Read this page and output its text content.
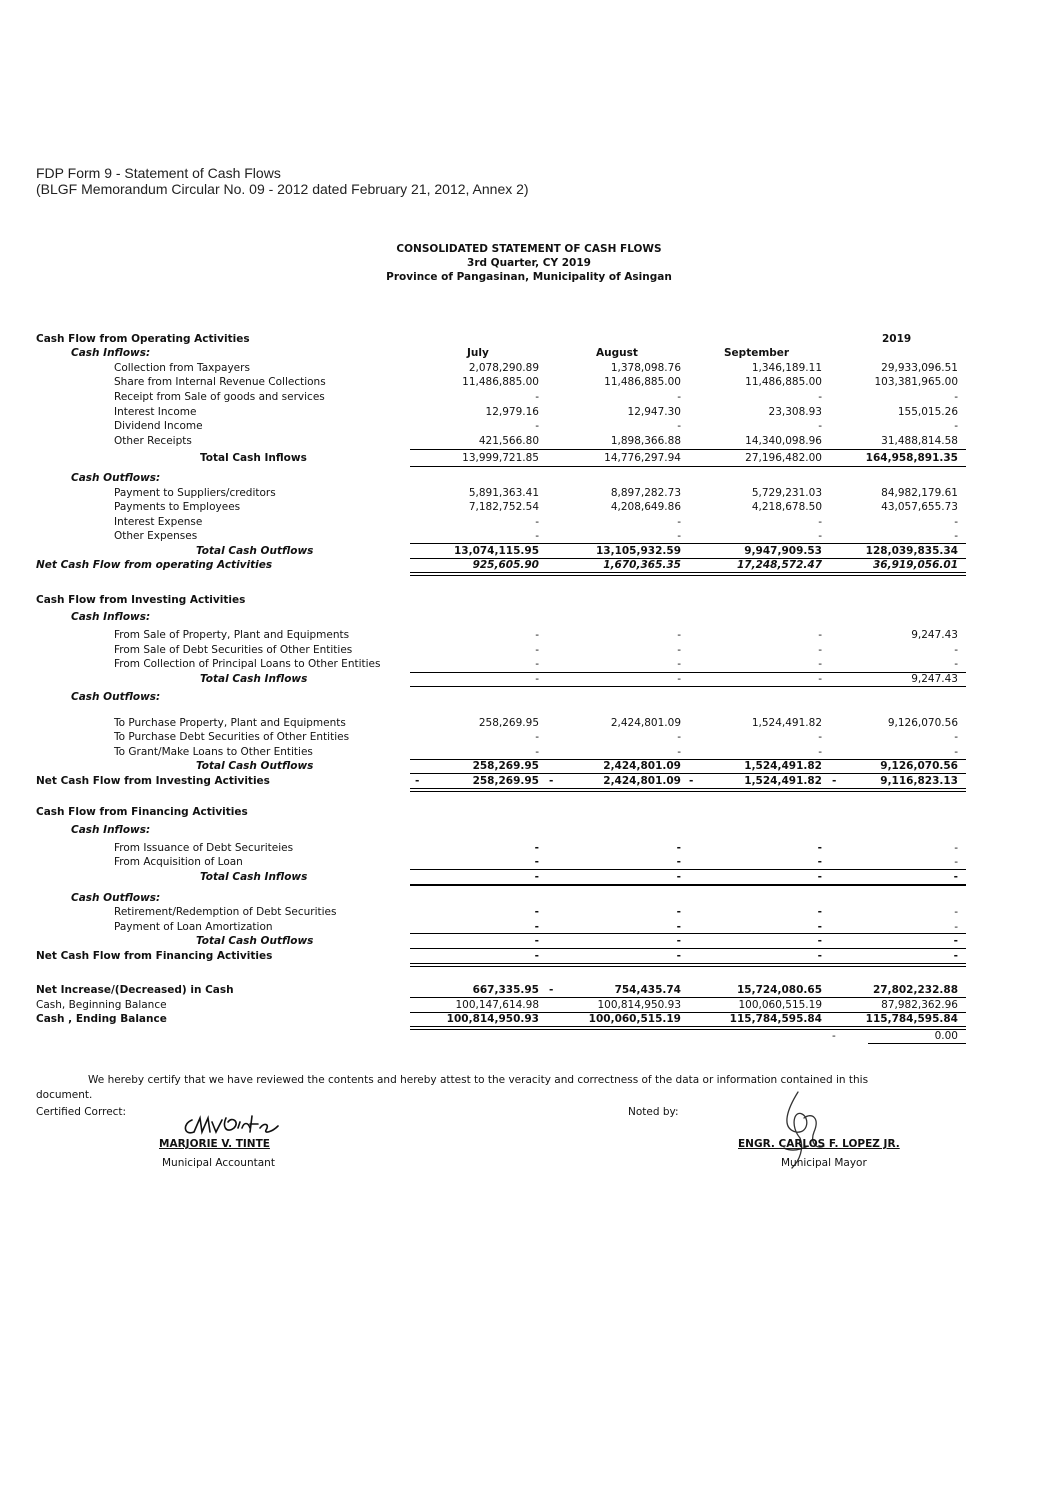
FDP Form 9 - Statement of Cash Flows
(BLGF Memorandum Circular No. 09 - 2012 dated February 21, 2012, Annex 2)
CONSOLIDATED STATEMENT OF CASH FLOWS
3rd Quarter, CY 2019
Province of Pangasinan, Municipality of Asingan
Cash Flow from Operating Activities	2019
Cash Inflows:	July	August	September
Collection from Taxpayers	2,078,290.89	1,378,098.76	1,346,189.11	29,933,096.51
Share from Internal Revenue Collections	11,486,885.00	11,486,885.00	11,486,885.00	103,381,965.00
Receipt from Sale of goods and services	-	-	-	-
Interest Income	12,979.16	12,947.30	23,308.93	155,015.26
Dividend Income	-	-	-	-
Other Receipts	421,566.80	1,898,366.88	14,340,098.96	31,488,814.58
Total Cash Inflows	13,999,721.85	14,776,297.94	27,196,482.00	164,958,891.35
Cash Outflows:
Payment to Suppliers/creditors	5,891,363.41	8,897,282.73	5,729,231.03	84,982,179.61
Payments to Employees	7,182,752.54	4,208,649.86	4,218,678.50	43,057,655.73
Interest Expense	-	-	-	-
Other Expenses	-	-	-	-
Total Cash Outflows	13,074,115.95	13,105,932.59	9,947,909.53	128,039,835.34
Net Cash Flow from operating Activities	925,605.90	1,670,365.35	17,248,572.47	36,919,056.01
Cash Flow from Investing Activities
Cash Inflows:
From Sale of Property, Plant and Equipments	-	-	-	9,247.43
From Sale of Debt Securities of Other Entities	-	-	-	-
From Collection of Principal Loans to Other Entities	-	-	-	-
Total Cash Inflows	-	-	-	9,247.43
Cash Outflows:
To Purchase Property, Plant and Equipments	258,269.95	2,424,801.09	1,524,491.82	9,126,070.56
To Purchase Debt Securities of Other Entities	-	-	-	-
To Grant/Make Loans to Other Entities	-	-	-	-
Total Cash Outflows	258,269.95	2,424,801.09	1,524,491.82	9,126,070.56
Net Cash Flow from Investing Activities	-	258,269.95 -	2,424,801.09 -	1,524,491.82 -	9,116,823.13
Cash Flow from Financing Activities
Cash Inflows:
From Issuance of Debt Securiteies	-	-	-	-
From Acquisition of Loan	-	-	-	-
Total Cash Inflows	-	-	-	-
Cash Outflows:
Retirement/Redemption of Debt Securities	-	-	-	-
Payment of Loan Amortization	-	-	-	-
Total Cash Outflows	-	-	-	-
Net Cash Flow from Financing Activities	-	-	-	-
Net Increase/(Decreased) in Cash	667,335.95 -	754,435.74	15,724,080.65	27,802,232.88
Cash, Beginning Balance	100,147,614.98	100,814,950.93	100,060,515.19	87,982,362.96
Cash , Ending Balance	100,814,950.93	100,060,515.19	115,784,595.84	115,784,595.84
-	0.00
We hereby certify that we have reviewed the contents and hereby attest to the veracity and correctness of the data or information contained in this
document.
Certified Correct:	Noted by:
MARJORIE V. TINTE
Municipal Accountant
ENGR. CARLOS F. LOPEZ JR.
Municipal Mayor
